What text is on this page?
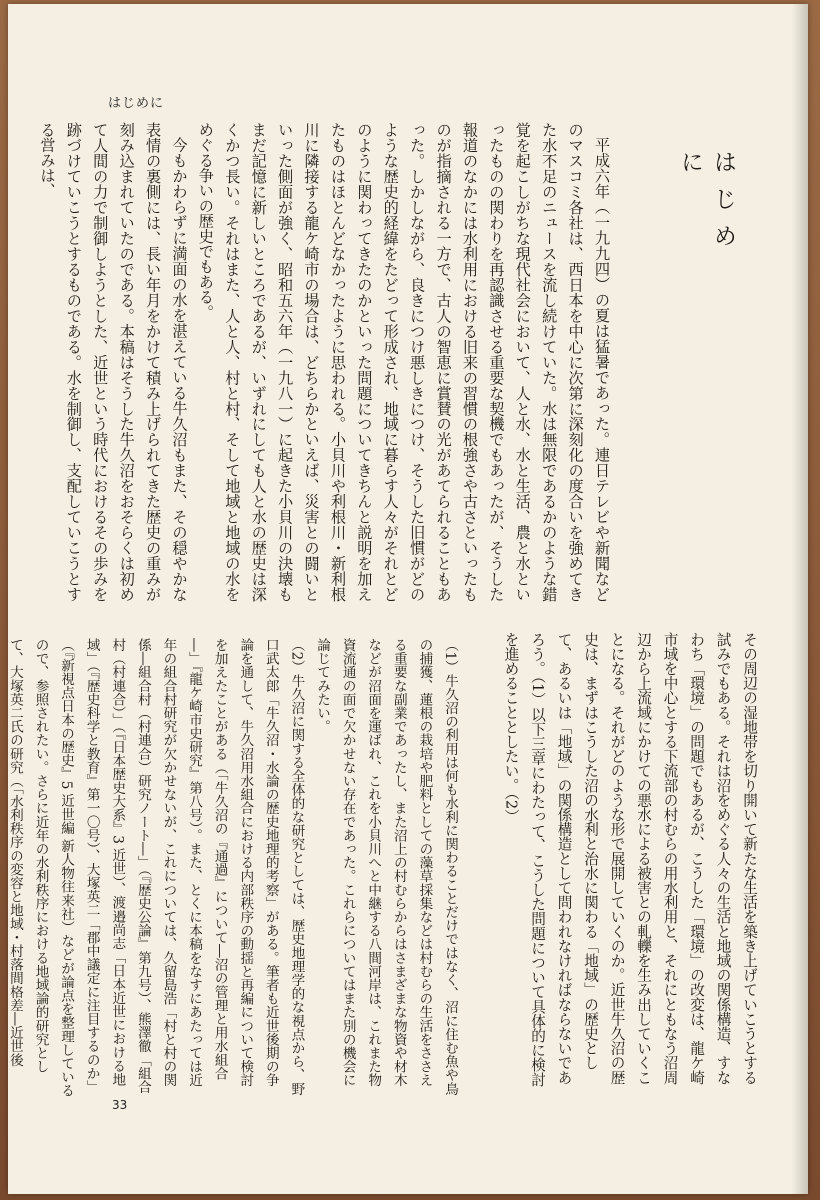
はじめに
はじめに

平成六年（一九九四）の夏は猛暑であった。連日テレビや新聞などのマスコミ各社は、西日本を中心に次第に深刻化の度合いを強めてきた水不足のニュースを流し続けていた。水は無限であるかのような錯覚を起こしがちな現代社会において、人と水、水と生活、農と水といったものの関わりを再認識させる重要な契機でもあったが、そうした報道のなかには水利用における旧来の習慣の根強さや古さといったものが指摘される一方で、古人の智恵に賞賛の光があてられることもあった。しかしながら、良きにつけ悪しきにつけ、そうした旧慣がどのような歴史的経緯をたどって形成され、地域に暮らす人々がそれとどのように関わってきたのかといった問題についてきちんと説明を加えたものはほとんどなかったように思われる。小貝川や利根川・新利根川に隣接する龍ケ崎市の場合は、どちらかといえば、災害との闘いといった側面が強く、昭和五六年（一九八一）に起きた小貝川の決壊もまだ記憶に新しいところであるが、いずれにしても人と水の歴史は深くかつ長い。それはまた、人と人、村と村、そして地域と地域の水をめぐる争いの歴史でもある。

今もかわらずに満面の水を湛えている牛久沼もまた、その穏やかな表情の裏側には、長い年月をかけて積み上げられてきた歴史の重みが刻み込まれていたのである。本稿はそうした牛久沼をおそらくは初めて人間の力で制御しようとした、近世という時代におけるその歩みを跡づけていこうとするものである。水を制御し、支配していこうとする営みは、

その周辺の湿地帯を切り開いて新たな生活を築き上げていこうとする試みでもある。それは沼をめぐる人々の生活と地域の関係構造、すなわち「環境」の問題でもあるが、こうした「環境」の改変は、龍ケ崎市域を中心とする下流部の村むらの用水利用と、それにともなう沼周辺から上流域にかけての悪水による被害との軋轢を生み出していくことになる。それがどのような形で展開していくのか。近世牛久沼の歴史は、まずはこうした沼の水利と治水に関わる「地域」の歴史として、あるいは「地域」の関係構造として問われなければならないであろう。（1）以下三章にわたって、こうした問題について具体的に検討を進めることとしたい。（2）

（1）牛久沼の利用は何も水利に関わることだけではなく、沼に住む魚や鳥の捕獲、蓮根の栽培や肥料としての藻草採集などは村むらの生活をささえる重要な副業であったし、また沼上の村むらからはさまざまな物資や材木などが沼面を運ばれ、これを小貝川へと中継する八間河岸は、これまた物資流通の面で欠かせない存在であった。これらについてはまた別の機会に論じてみたい。

（2）牛久沼に関する全体的な研究としては、歴史地理学的な視点から、野口武太郎「牛久沼・水論の歴史地理的考察」がある。筆者も近世後期の争論を通して、牛久沼用水組合における内部秩序の動揺と再編について検討を加えたことがある（「牛久沼の『通過』について―沼の管理と用水組合―」『龍ケ崎市史研究』第八号）。また、とくに本稿をなすにあたっては近年の組合村研究が欠かせないが、これについては、久留島浩「村と村の関係―組合村（村連合）研究ノート―」（『歴史公論』第九号）、熊澤徹「組合村（村連合）」（『日本歴史大系』3 近世）、渡邉尚志「日本近世における地域」（『歴史科学と教育』第一〇号）、大塚英二「郡中議定に注目するのか」（『新視点日本の歴史』5 近世編 新人物往来社）などが論点を整理しているので、参照されたい。さらに近年の水利秩序における地域論的研究として、大塚英二氏の研究（「水利秩序の変容と地域・村落間格差―近世後

33
